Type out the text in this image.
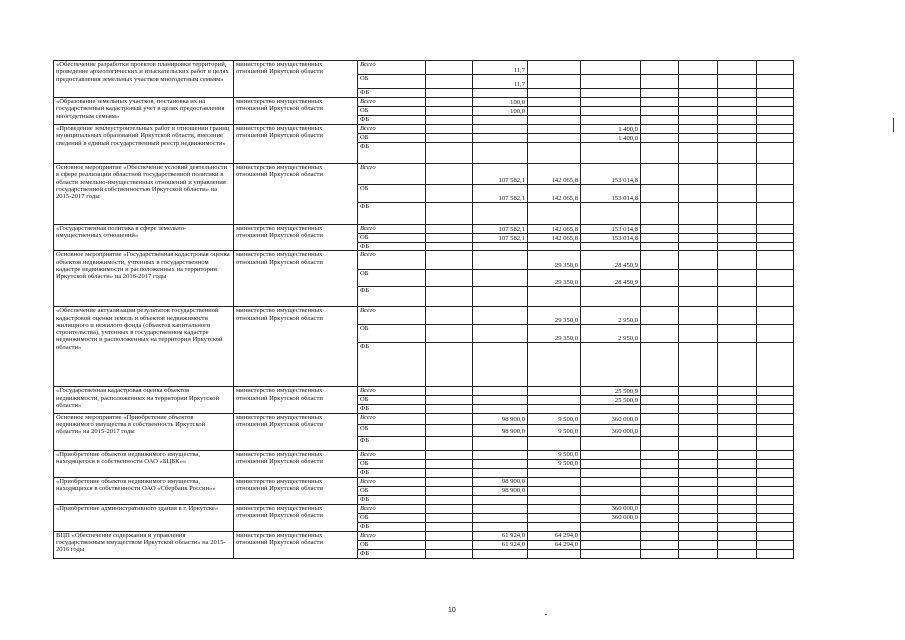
«Обеспечение разработки проектов планировки территорий, проведение археологических и изыскательских работ в целях предоставления земельных участков многодетным семьям»	министерство имущественных отношений Иркутской области	Всего		11,7						
		ОБ		11,7						
		ФБ								
«Образование земельных участков, постановка их на государственный кадастровый учет в целях предоставления многодетным семьям»	министерство имущественных отношений Иркутской области	Всего		100,0						
		ОБ		100,0						
		ФБ								
«Проведение землеустроительных работ в отношении границ муниципальных образований Иркутской области, внесение сведений в единый государственный реестр недвижимости»	министерство имущественных отношений Иркутской области	Всего				1 400,0				
		ОБ				1 400,0				
		ФБ								
Основное мероприятие «Обеспечение условий деятельности в сфере реализации областной государственной политики в области земельно-имущественных отношений и управления государственной собственностью Иркутской области» на 2015-2017 годы	министерство имущественных отношений Иркутской области	Всего		107 582,1	142 065,8	153 014,8				
		ОБ		107 582,1	142 065,8	153 014,8				
		ФБ								
«Государственная политика в сфере земельно-имущественных отношений»	министерство имущественных отношений Иркутской области	Всего		107 582,1	142 065,8	153 014,8				
		ОБ		107 582,1	142 065,8	153 014,8				
		ФБ								
Основное мероприятие «Государственная кадастровая оценка объектов недвижимости, учтенных в государственном кадастре недвижимости и расположенных на территории Иркутской области» на 2016-2017 годы	министерство имущественных отношений Иркутской области	Всего			29 350,0	28 450,9				
		ОБ			29 350,0	28 450,9				
		ФБ								
«Обеспечение актуализации результатов государственной кадастровой оценки земель и объектов недвижимости жилищного и нежилого фонда (объектов капитального строительства), учтенных в государственном кадастре недвижимости и расположенных на территории Иркутской области»	министерство имущественных отношений Иркутской области	Всего			29 350,0	2 950,0				
		ОБ			29 350,0	2 950,0				
		ФБ								
«Государственная кадастровая оценка объектов недвижимости, расположенных на территории Иркутской области»	министерство имущественных отношений Иркутской области	Всего				25 500,9				
		ОБ				25 500,9				
		ФБ								
Основное мероприятие «Приобретение объектов недвижимого имущества в собственность Иркутской области» на 2015-2017 годы	министерство имущественных отношений Иркутской области	Всего		98 900,0	9 500,0	360 000,0				
		ОБ		98 900,0	9 500,0	360 000,0				
		ФБ								
«Приобретение объектов недвижимого имущества, находящегося в собственности ОАО «БЦБК»»	министерство имущественных отношений Иркутской области	Всего			9 500,0					
		ОБ			9 500,0					
		ФБ								
«Приобретение объектов недвижимого имущества, находящихся в собственности ОАО «Сбербанк России»»	министерство имущественных отношений Иркутской области	Всего		98 900,0						
		ОБ		98 900,0						
		ФБ								
«Приобретение административного здания в г. Иркутске»	министерство имущественных отношений Иркутской области	Всего				360 000,0				
		ОБ				360 000,0				
		ФБ								
ВЦП «Обеспечение содержания и управления государственным имуществом Иркутской области» на 2015-2016 годы	министерство имущественных отношений Иркутской области	Всего		61 924,0	64 294,0					
		ОБ		61 924,0	64 294,0					
		ФБ								
10
